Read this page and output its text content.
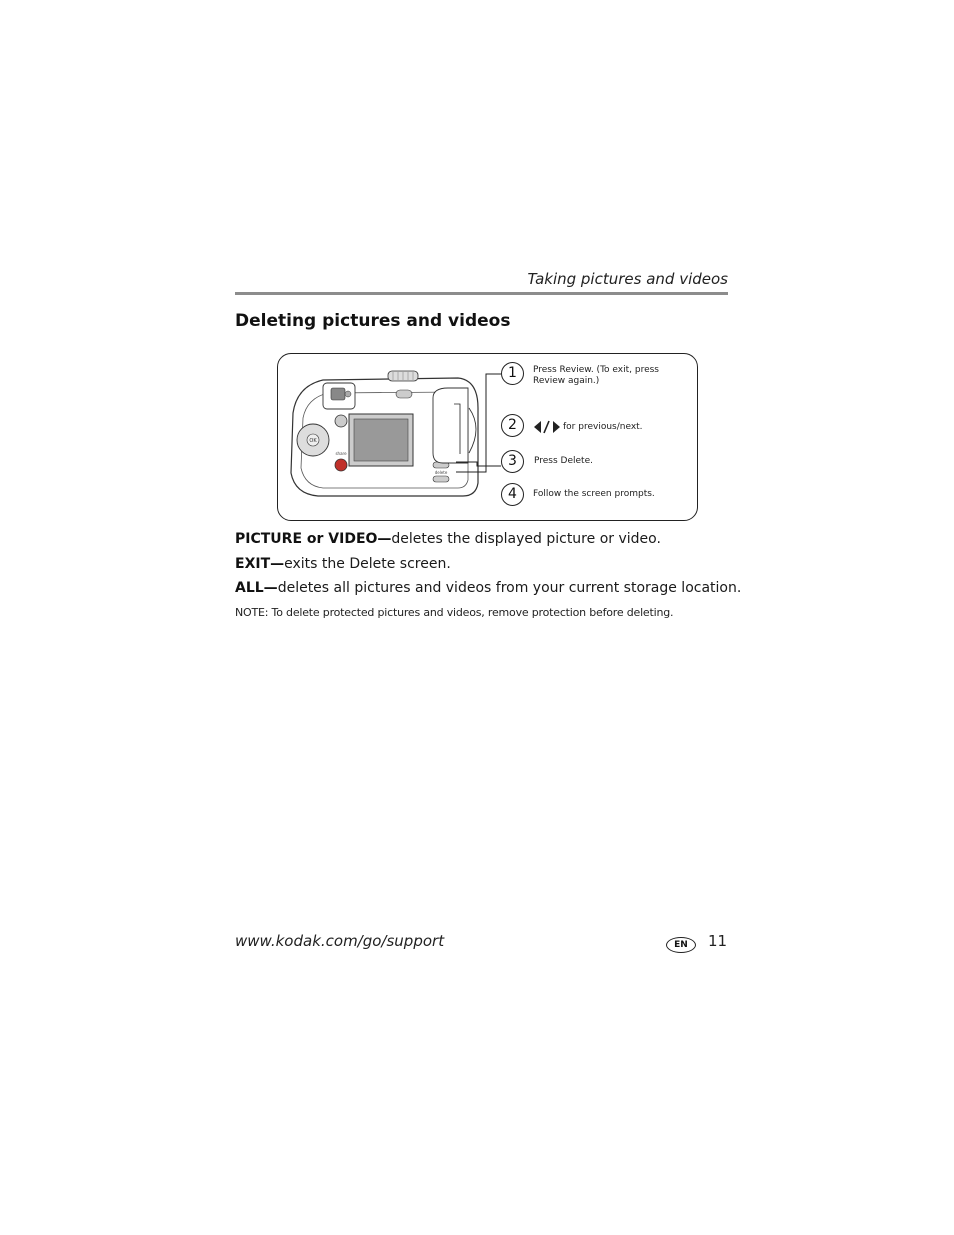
Taking pictures and videos
Deleting pictures and videos
OK
share
delete
1	Press Review. (To exit, press
Review again.)
2	for previous/next.
3	Press Delete.
4	Follow the screen prompts.
PICTURE or VIDEO—deletes the displayed picture or video.
EXIT—exits the Delete screen.
ALL—deletes all pictures and videos from your current storage location.
NOTE: To delete protected pictures and videos, remove protection before deleting.
www.kodak.com/go/support	EN	11
